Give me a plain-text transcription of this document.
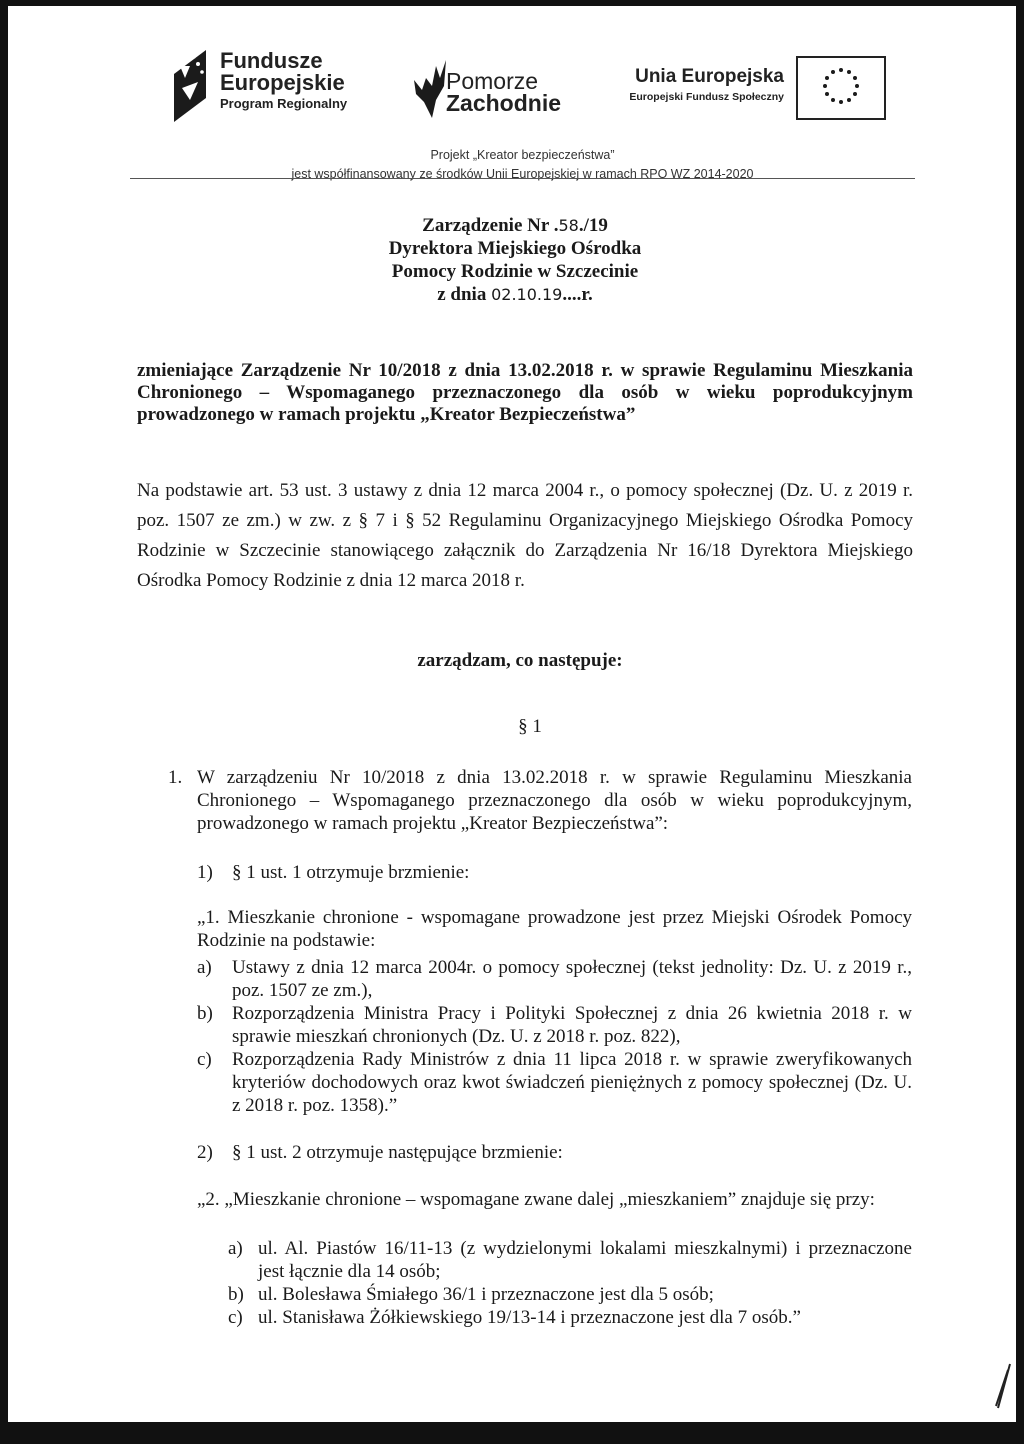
Fundusze
Europejskie
Program Regionalny
Pomorze
Zachodnie
Unia Europejska
Europejski Fundusz Społeczny
Projekt „Kreator bezpieczeństwa”
jest współfinansowany ze środków Unii Europejskiej w ramach RPO WZ 2014-2020
Zarządzenie Nr .58./19
Dyrektora Miejskiego Ośrodka
Pomocy Rodzinie w Szczecinie
z dnia 02.10.19....r.
zmieniające Zarządzenie Nr 10/2018 z dnia 13.02.2018 r. w sprawie Regulaminu Mieszkania Chronionego – Wspomaganego przeznaczonego dla osób w wieku poprodukcyjnym prowadzonego w ramach projektu „Kreator Bezpieczeństwa”
Na podstawie art. 53 ust. 3 ustawy z dnia 12 marca 2004 r., o pomocy społecznej (Dz. U. z 2019 r. poz. 1507 ze zm.) w zw. z § 7 i § 52 Regulaminu Organizacyjnego Miejskiego Ośrodka Pomocy Rodzinie w Szczecinie stanowiącego załącznik do Zarządzenia Nr 16/18 Dyrektora Miejskiego Ośrodka Pomocy Rodzinie z dnia 12 marca 2018 r.
zarządzam, co następuje:
§ 1
1. W zarządzeniu Nr 10/2018 z dnia 13.02.2018 r. w sprawie Regulaminu Mieszkania Chronionego – Wspomaganego przeznaczonego dla osób w wieku poprodukcyjnym, prowadzonego w ramach projektu „Kreator Bezpieczeństwa”:
1) § 1 ust. 1 otrzymuje brzmienie:
„1. Mieszkanie chronione - wspomagane prowadzone jest przez Miejski Ośrodek Pomocy Rodzinie na podstawie:
a) Ustawy z dnia 12 marca 2004r. o pomocy społecznej (tekst jednolity: Dz. U. z 2019 r., poz. 1507 ze zm.),
b) Rozporządzenia Ministra Pracy i Polityki Społecznej z dnia 26 kwietnia 2018 r. w sprawie mieszkań chronionych (Dz. U. z 2018 r. poz. 822),
c) Rozporządzenia Rady Ministrów z dnia 11 lipca 2018 r. w sprawie zweryfikowanych kryteriów dochodowych oraz kwot świadczeń pieniężnych z pomocy społecznej (Dz. U. z 2018 r. poz. 1358).”
2) § 1 ust. 2 otrzymuje następujące brzmienie:
„2. „Mieszkanie chronione – wspomagane zwane dalej „mieszkaniem” znajduje się przy:
a) ul. Al. Piastów 16/11-13 (z wydzielonymi lokalami mieszkalnymi) i przeznaczone jest łącznie dla 14 osób;
b) ul. Bolesława Śmiałego 36/1 i przeznaczone jest dla 5 osób;
c) ul. Stanisława Żółkiewskiego 19/13-14 i przeznaczone jest dla 7 osób.”
